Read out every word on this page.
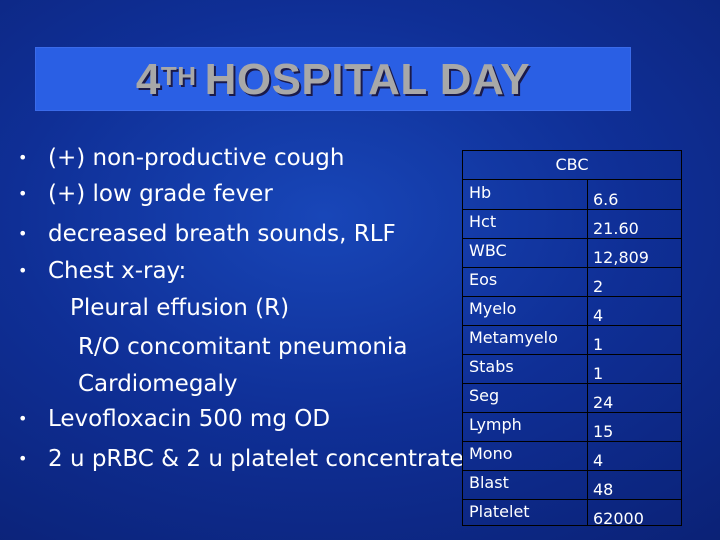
4TH HOSPITAL DAY
• (+) non-productive cough
• (+) low grade fever
• decreased breath sounds, RLF
• Chest x-ray:
Pleural effusion (R)
R/O concomitant pneumonia
Cardiomegaly
• Levofloxacin 500 mg OD
• 2 u pRBC & 2 u platelet concentrate
CBC
Hb	6.6
Hct	21.60
WBC	12,809
Eos	2
Myelo	4
Metamyelo 1
Stabs	1
Seg	24
Lymph	15
Mono	4
Blast	48
Platelet	62000
